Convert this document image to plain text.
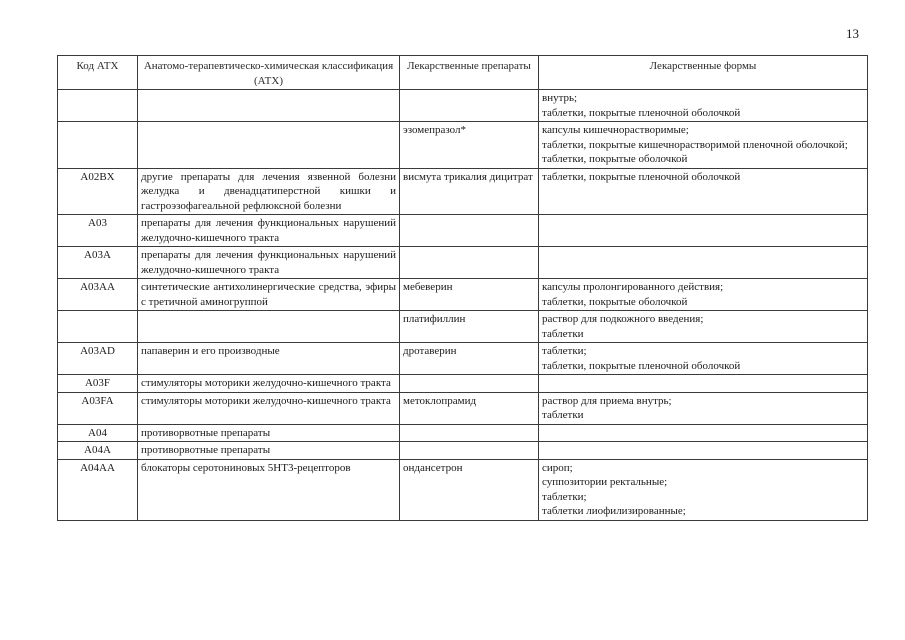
13
Код АТХ	Анатомо-терапевтическо-химическая классификация (АТХ)	Лекарственные препараты	Лекарственные формы

			внутрь;
таблетки, покрытые пленочной оболочкой

		эзомепразол*	капсулы кишечнорастворимые;
таблетки, покрытые кишечнорастворимой пленочной оболочкой;
таблетки, покрытые оболочкой

A02BX	другие препараты для лечения язвенной болезни желудка и двенадцатиперстной кишки и гастроэзофагеальной рефлюксной болезни	висмута трикалия дицитрат	таблетки, покрытые пленочной оболочкой

A03	препараты для лечения функциональных нарушений желудочно-кишечного тракта		
A03A	препараты для лечения функциональных нарушений желудочно-кишечного тракта		
A03AA	синтетические антихолинергические средства, эфиры с третичной аминогруппой	мебеверин	капсулы пролонгированного действия;
таблетки, покрытые оболочкой

		платифиллин	раствор для подкожного введения;
таблетки

A03AD	папаверин и его производные	дротаверин	таблетки;
таблетки, покрытые пленочной оболочкой

A03F	стимуляторы моторики желудочно-кишечного тракта		
A03FA	стимуляторы моторики желудочно-кишечного тракта	метоклопрамид	раствор для приема внутрь;
таблетки

A04	противорвотные препараты		
A04A	противорвотные препараты		
A04AA	блокаторы серотониновых 5HT3-рецепторов	ондансетрон	сироп;
суппозитории ректальные;
таблетки;
таблетки лиофилизированные;
